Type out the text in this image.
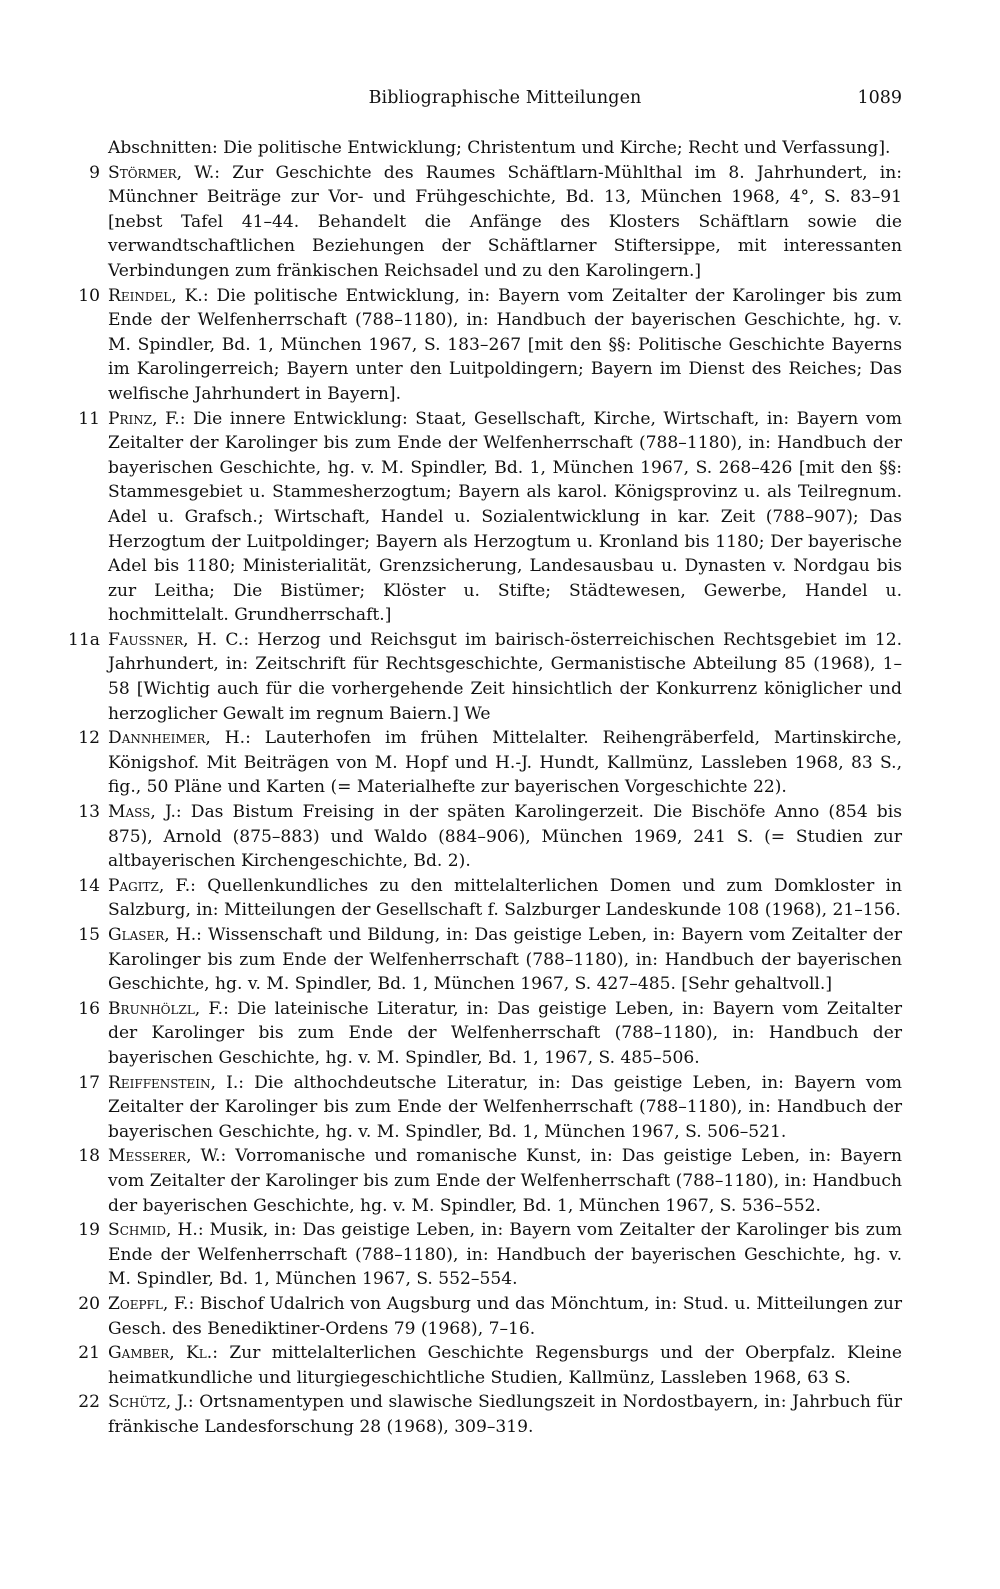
Bibliographische Mitteilungen	1089

Abschnitten: Die politische Entwicklung; Christentum und Kirche; Recht und Verfassung].

9 Störmer, W.: Zur Geschichte des Raumes Schäftlarn-Mühlthal im 8. Jahrhundert, in: Münchner Beiträge zur Vor- und Frühgeschichte, Bd. 13, München 1968, 4°, S. 83–91 [nebst Tafel 41–44. Behandelt die Anfänge des Klosters Schäftlarn sowie die verwandtschaftlichen Beziehungen der Schäftlarner Stiftersippe, mit interessanten Verbindungen zum fränkischen Reichsadel und zu den Karolingern.]

10 Reindel, K.: Die politische Entwicklung, in: Bayern vom Zeitalter der Karolinger bis zum Ende der Welfenherrschaft (788–1180), in: Handbuch der bayerischen Geschichte, hg. v. M. Spindler, Bd. 1, München 1967, S. 183–267 [mit den §§: Politische Geschichte Bayerns im Karolingerreich; Bayern unter den Luitpoldingern; Bayern im Dienst des Reiches; Das welfische Jahrhundert in Bayern].

11 Prinz, F.: Die innere Entwicklung: Staat, Gesellschaft, Kirche, Wirtschaft, in: Bayern vom Zeitalter der Karolinger bis zum Ende der Welfenherrschaft (788–1180), in: Handbuch der bayerischen Geschichte, hg. v. M. Spindler, Bd. 1, München 1967, S. 268–426 [mit den §§: Stammesgebiet u. Stammesherzogtum; Bayern als karol. Königsprovinz u. als Teilregnum. Adel u. Grafsch.; Wirtschaft, Handel u. Sozialentwicklung in kar. Zeit (788–907); Das Herzogtum der Luitpoldinger; Bayern als Herzogtum u. Kronland bis 1180; Der bayerische Adel bis 1180; Ministerialität, Grenzsicherung, Landesausbau u. Dynasten v. Nordgau bis zur Leitha; Die Bistümer; Klöster u. Stifte; Städtewesen, Gewerbe, Handel u. hochmittelalt. Grundherrschaft.]

11a Faussner, H. C.: Herzog und Reichsgut im bairisch-österreichischen Rechtsgebiet im 12. Jahrhundert, in: Zeitschrift für Rechtsgeschichte, Germanistische Abteilung 85 (1968), 1–58 [Wichtig auch für die vorhergehende Zeit hinsichtlich der Konkurrenz königlicher und herzoglicher Gewalt im regnum Baiern.] We

12 Dannheimer, H.: Lauterhofen im frühen Mittelalter. Reihengräberfeld, Martinskirche, Königshof. Mit Beiträgen von M. Hopf und H.-J. Hundt, Kallmünz, Lassleben 1968, 83 S., fig., 50 Pläne und Karten (= Materialhefte zur bayerischen Vorgeschichte 22).

13 Mass, J.: Das Bistum Freising in der späten Karolingerzeit. Die Bischöfe Anno (854 bis 875), Arnold (875–883) und Waldo (884–906), München 1969, 241 S. (= Studien zur altbayerischen Kirchengeschichte, Bd. 2).

14 Pagitz, F.: Quellenkundliches zu den mittelalterlichen Domen und zum Domkloster in Salzburg, in: Mitteilungen der Gesellschaft f. Salzburger Landeskunde 108 (1968), 21–156.

15 Glaser, H.: Wissenschaft und Bildung, in: Das geistige Leben, in: Bayern vom Zeitalter der Karolinger bis zum Ende der Welfenherrschaft (788–1180), in: Handbuch der bayerischen Geschichte, hg. v. M. Spindler, Bd. 1, München 1967, S. 427–485. [Sehr gehaltvoll.]

16 Brunhölzl, F.: Die lateinische Literatur, in: Das geistige Leben, in: Bayern vom Zeitalter der Karolinger bis zum Ende der Welfenherrschaft (788–1180), in: Handbuch der bayerischen Geschichte, hg. v. M. Spindler, Bd. 1, 1967, S. 485–506.

17 Reiffenstein, I.: Die althochdeutsche Literatur, in: Das geistige Leben, in: Bayern vom Zeitalter der Karolinger bis zum Ende der Welfenherrschaft (788–1180), in: Handbuch der bayerischen Geschichte, hg. v. M. Spindler, Bd. 1, München 1967, S. 506–521.

18 Messerer, W.: Vorromanische und romanische Kunst, in: Das geistige Leben, in: Bayern vom Zeitalter der Karolinger bis zum Ende der Welfenherrschaft (788–1180), in: Handbuch der bayerischen Geschichte, hg. v. M. Spindler, Bd. 1, München 1967, S. 536–552.

19 Schmid, H.: Musik, in: Das geistige Leben, in: Bayern vom Zeitalter der Karolinger bis zum Ende der Welfenherrschaft (788–1180), in: Handbuch der bayerischen Geschichte, hg. v. M. Spindler, Bd. 1, München 1967, S. 552–554.

20 Zoepfl, F.: Bischof Udalrich von Augsburg und das Mönchtum, in: Stud. u. Mitteilungen zur Gesch. des Benediktiner-Ordens 79 (1968), 7–16.

21 Gamber, Kl.: Zur mittelalterlichen Geschichte Regensburgs und der Oberpfalz. Kleine heimatkundliche und liturgiegeschichtliche Studien, Kallmünz, Lassleben 1968, 63 S.

22 Schütz, J.: Ortsnamentypen und slawische Siedlungszeit in Nordostbayern, in: Jahrbuch für fränkische Landesforschung 28 (1968), 309–319.
